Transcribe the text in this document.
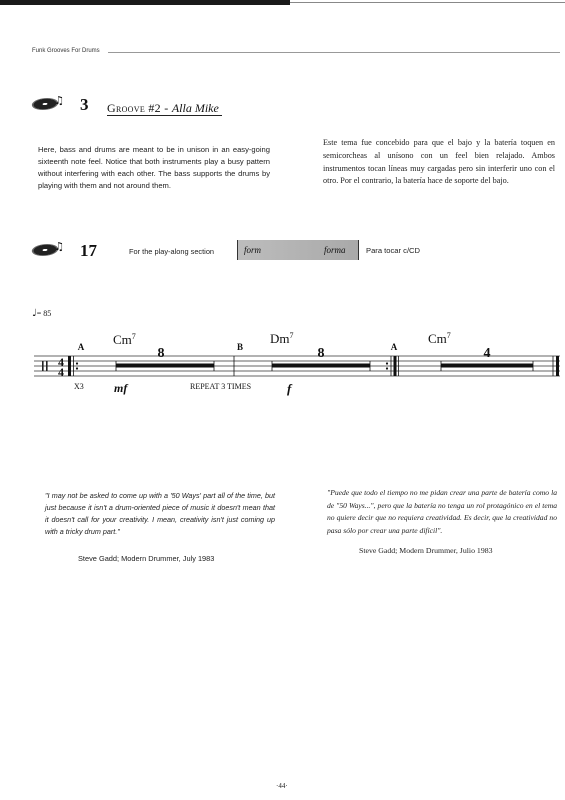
Funk Grooves For Drums
♫ 3 Groove #2 - Alla Mike
Here, bass and drums are meant to be in unison in an easy-going sixteenth note feel. Notice that both instruments play a busy pattern without interfering with each other. The bass supports the drums by playing with them and not around them.
Este tema fue concebido para que el bajo y la batería toquen en semicorcheas al unísono con un feel bien relajado. Ambos instrumentos tocan líneas muy cargadas pero sin interferir uno con el otro. Por el contrario, la batería hace de soporte del bajo.
♫ 17	For the play-along section	form	forma	Para tocar c/CD
♩= 85
4
4
A Cm$^7$
8	B
Dm$^7$
8	A
Cm$^7$
4
X3	mf	REPEAT 3 TIMES	f
"I may not be asked to come up with a '50 Ways' part all of the time, but just because it isn't a drum-oriented piece of music it doesn't mean that it doesn't call for your creativity. I mean, creativity isn't just coming up with a tricky drum part."
Steve Gadd; Modern Drummer, July 1983
"Puede que todo el tiempo no me pidan crear una parte de batería como la de "50 Ways...", pero que la batería no tenga un rol protagónico en el tema no quiere decir que no requiera creatividad. Es decir, que la creatividad no pasa sólo por crear una parte difícil".
Steve Gadd; Modern Drummer, Julio 1983
·44·
